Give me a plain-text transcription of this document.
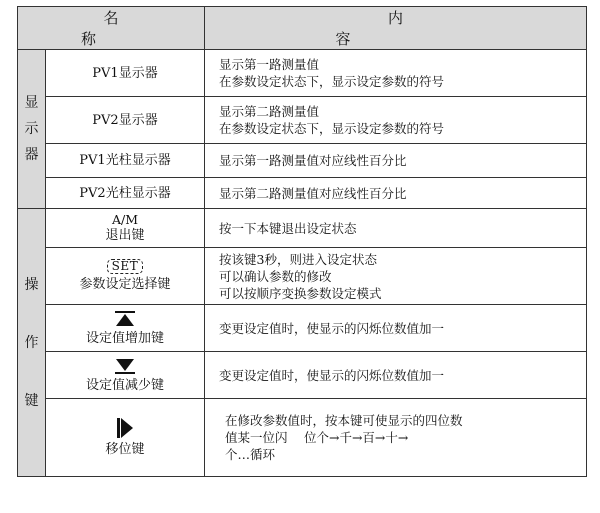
名 称		内 容

显
示
器	PV1显示器	显示第一路测量值
在参数设定状态下，显示设定参数的符号

	PV2显示器	显示第二路测量值
在参数设定状态下，显示设定参数的符号

	PV1光柱显示器	显示第一路测量值对应线性百分比

	PV2光柱显示器	显示第二路测量值对应线性百分比

操
作
键	A/M
退出键	按一下本键退出设定状态

	SET
参数设定选择键	按该键3秒，则进入设定状态
可以确认参数的修改
可以按顺序变换参数设定模式

设定值增加键	变更设定值时，使显示的闪烁位数值加一

设定值减少键	变更设定值时，使显示的闪烁位数值加一

移位键	在修改参数值时，按本键可使显示的四位数
值某一位闪　 位个→千→百→十→
个…循环
